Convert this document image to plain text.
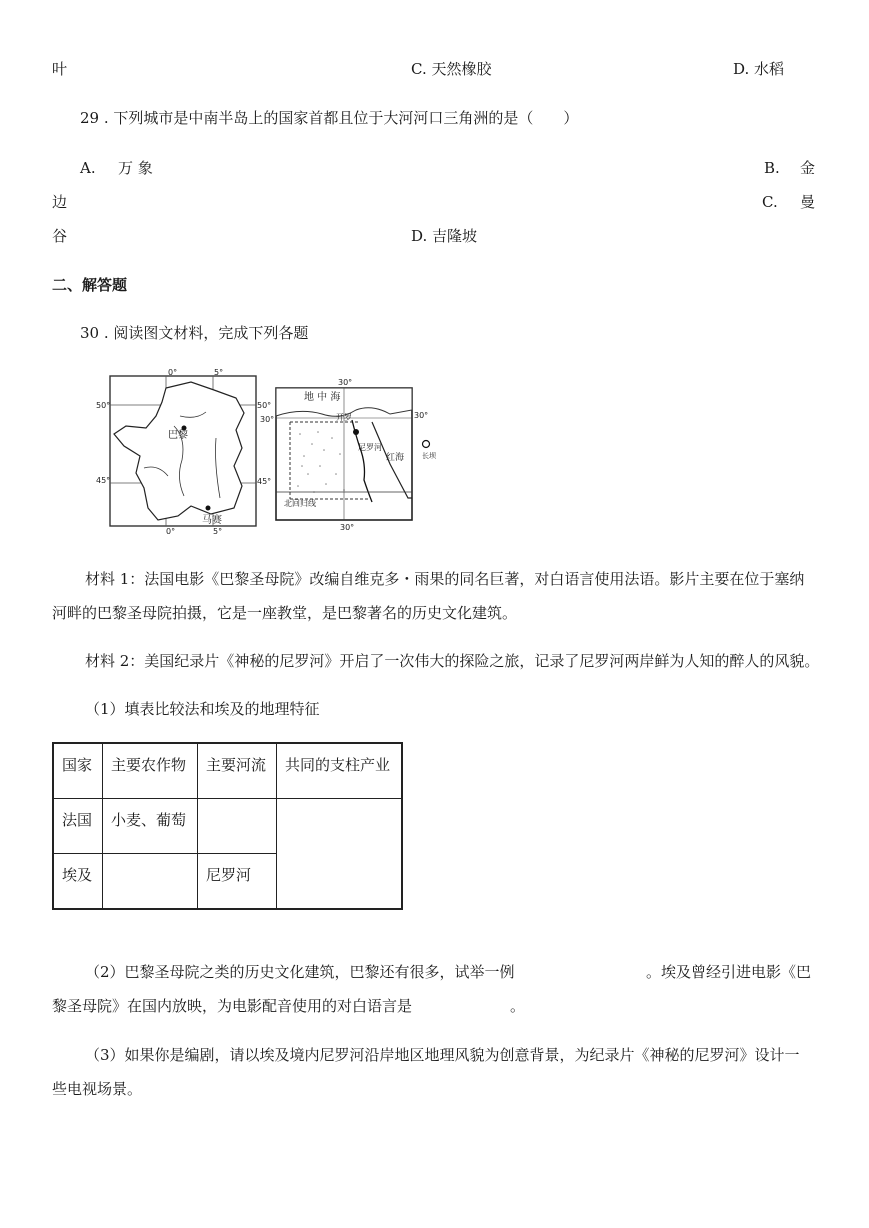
叶	C. 天然橡胶	D. 水稻
29 . 下列城市是中南半岛上的国家首都且位于大河河口三角洲的是（　　）
A. 万 象	B. 金
边	C. 曼
谷	D. 吉隆坡
二、解答题
30 . 阅读图文材料，完成下列各题
0°	5°
50°	50°
45°	45°
0°	5°
巴黎
马赛
30°
30°	30°
30°
地 中 海
开罗
尼罗河
红海	长坝
北回归线
材料 1：法国电影《巴黎圣母院》改编自维克多・雨果的同名巨著，对白语言使用法语。影片主要在位于塞纳
河畔的巴黎圣母院拍摄，它是一座教堂，是巴黎著名的历史文化建筑。
材料 2：美国纪录片《神秘的尼罗河》开启了一次伟大的探险之旅，记录了尼罗河两岸鲜为人知的醉人的风貌。
（1）填表比较法和埃及的地理特征
国家	主要农作物	主要河流	共同的支柱产业
法国	小麦、葡萄		
埃及		尼罗河	
（2）巴黎圣母院之类的历史文化建筑，巴黎还有很多，试举一例	。埃及曾经引进电影《巴
黎圣母院》在国内放映，为电影配音使用的对白语言是	。
（3）如果你是编剧，请以埃及境内尼罗河沿岸地区地理风貌为创意背景，为纪录片《神秘的尼罗河》设计一
些电视场景。
